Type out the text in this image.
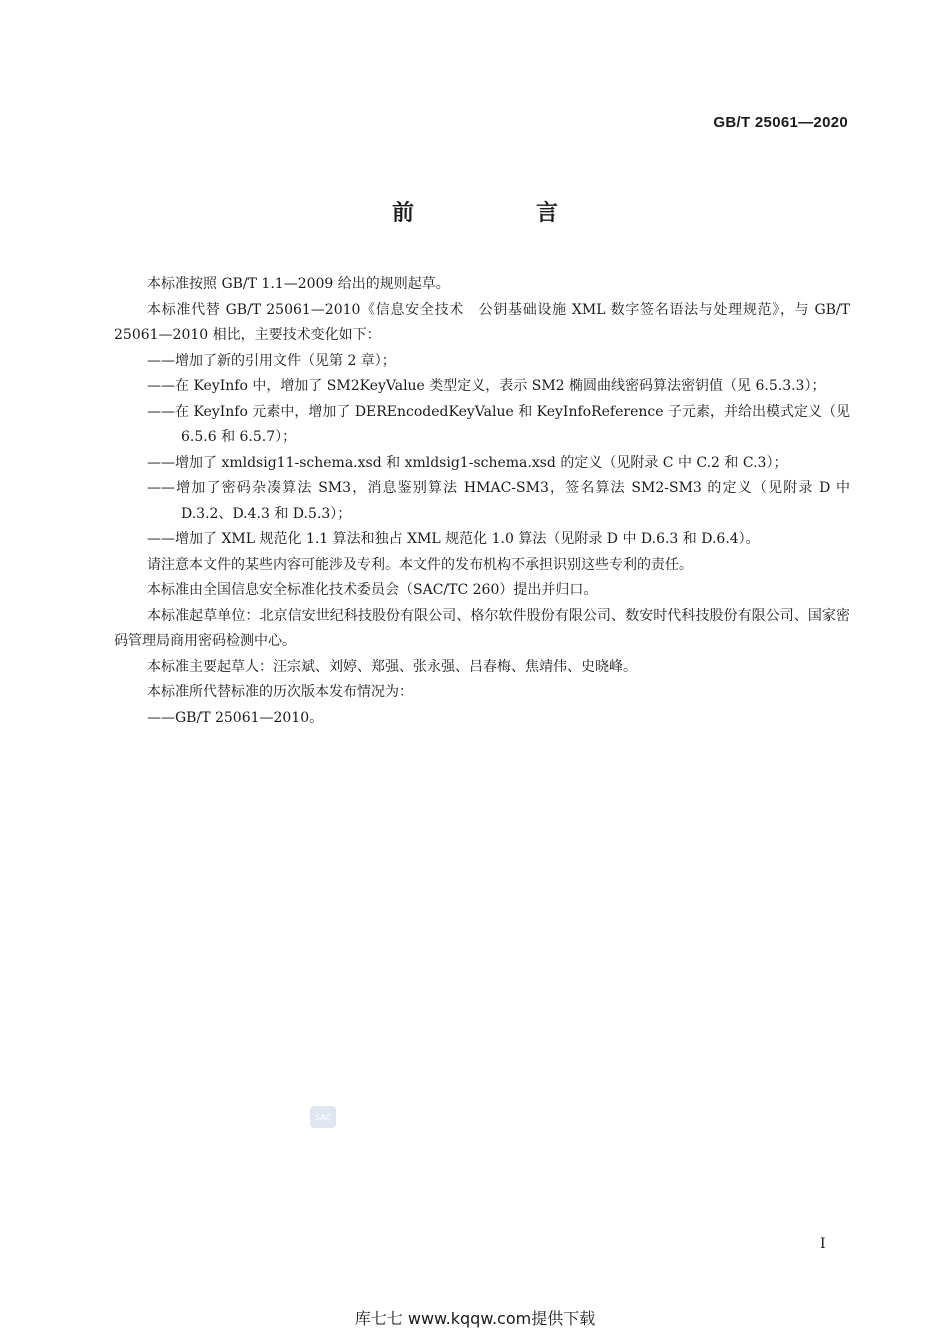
GB/T 25061—2020
前　言

本标准按照 GB/T 1.1—2009 给出的规则起草。

本标准代替 GB/T 25061—2010《信息安全技术　公钥基础设施 XML 数字签名语法与处理规范》，与 GB/T 25061—2010 相比，主要技术变化如下：

——增加了新的引用文件（见第 2 章）；

——在 KeyInfo 中，增加了 SM2KeyValue 类型定义，表示 SM2 椭圆曲线密码算法密钥值（见 6.5.3.3）；

——在 KeyInfo 元素中，增加了 DEREncodedKeyValue 和 KeyInfoReference 子元素，并给出模式定义（见 6.5.6 和 6.5.7）；

——增加了 xmldsig11-schema.xsd 和 xmldsig1-schema.xsd 的定义（见附录 C 中 C.2 和 C.3）；

——增加了密码杂凑算法 SM3，消息鉴别算法 HMAC-SM3，签名算法 SM2-SM3 的定义（见附录 D 中 D.3.2、D.4.3 和 D.5.3）；

——增加了 XML 规范化 1.1 算法和独占 XML 规范化 1.0 算法（见附录 D 中 D.6.3 和 D.6.4）。

请注意本文件的某些内容可能涉及专利。本文件的发布机构不承担识别这些专利的责任。

本标准由全国信息安全标准化技术委员会（SAC/TC 260）提出并归口。

本标准起草单位：北京信安世纪科技股份有限公司、格尔软件股份有限公司、数安时代科技股份有限公司、国家密码管理局商用密码检测中心。

本标准主要起草人：汪宗斌、刘婷、郑强、张永强、吕春梅、焦靖伟、史晓峰。

本标准所代替标准的历次版本发布情况为：

——GB/T 25061—2010。

SAC
I
库七七 www.kqqw.com提供下载
